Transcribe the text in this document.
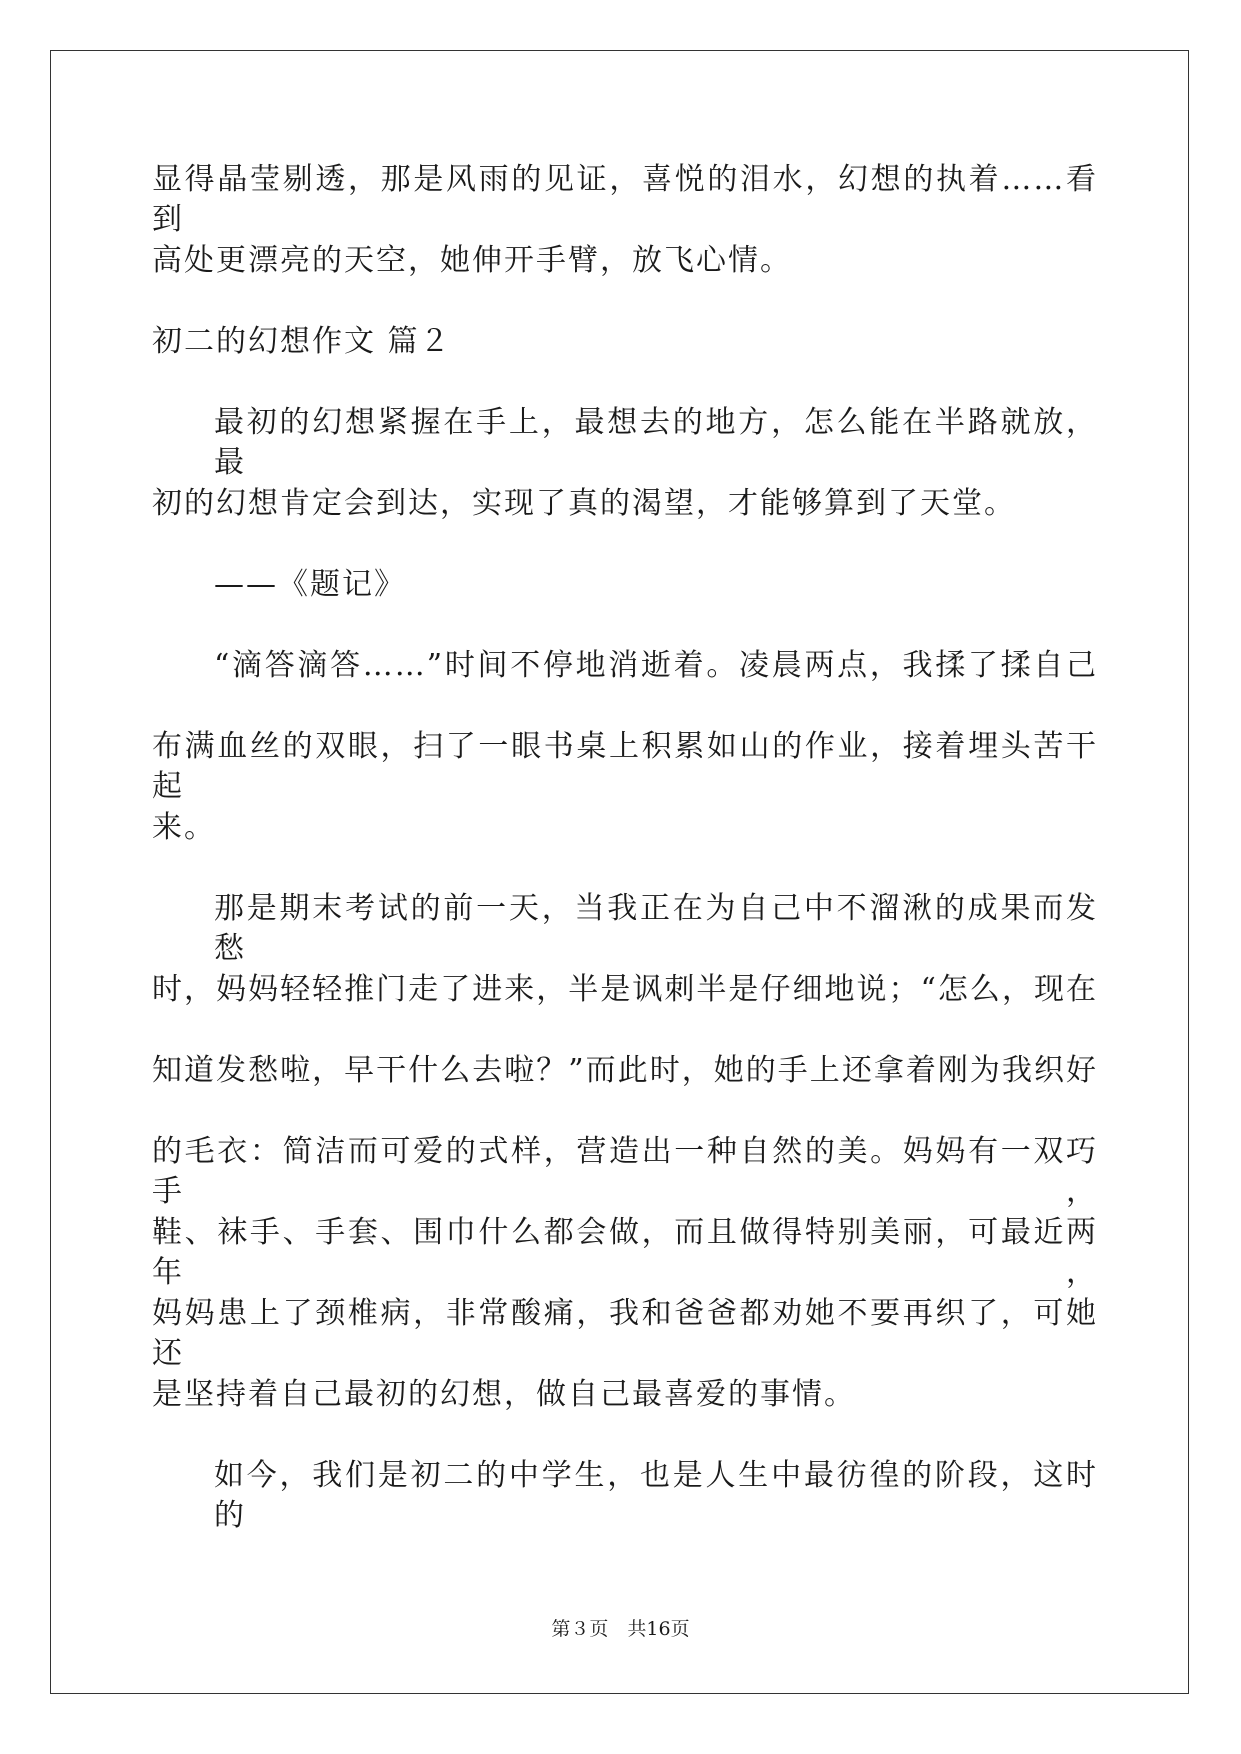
显得晶莹剔透，那是风雨的见证，喜悦的泪水，幻想的执着……看到
高处更漂亮的天空，她伸开手臂，放飞心情。
初二的幻想作文 篇２
最初的幻想紧握在手上，最想去的地方，怎么能在半路就放，最
初的幻想肯定会到达，实现了真的渴望，才能够算到了天堂。
——《题记》
“滴答滴答……”时间不停地消逝着。凌晨两点，我揉了揉自己
布满血丝的双眼，扫了一眼书桌上积累如山的作业，接着埋头苦干起
来。
那是期末考试的前一天，当我正在为自己中不溜湫的成果而发愁
时，妈妈轻轻推门走了进来，半是讽刺半是仔细地说；“怎么，现在
知道发愁啦，早干什么去啦？”而此时，她的手上还拿着刚为我织好
的毛衣：简洁而可爱的式样，营造出一种自然的美。妈妈有一双巧手，
鞋、袜手、手套、围巾什么都会做，而且做得特别美丽，可最近两年，
妈妈患上了颈椎病，非常酸痛，我和爸爸都劝她不要再织了，可她还
是坚持着自己最初的幻想，做自己最喜爱的事情。
如今，我们是初二的中学生，也是人生中最彷徨的阶段，这时的
第３页　共16页
